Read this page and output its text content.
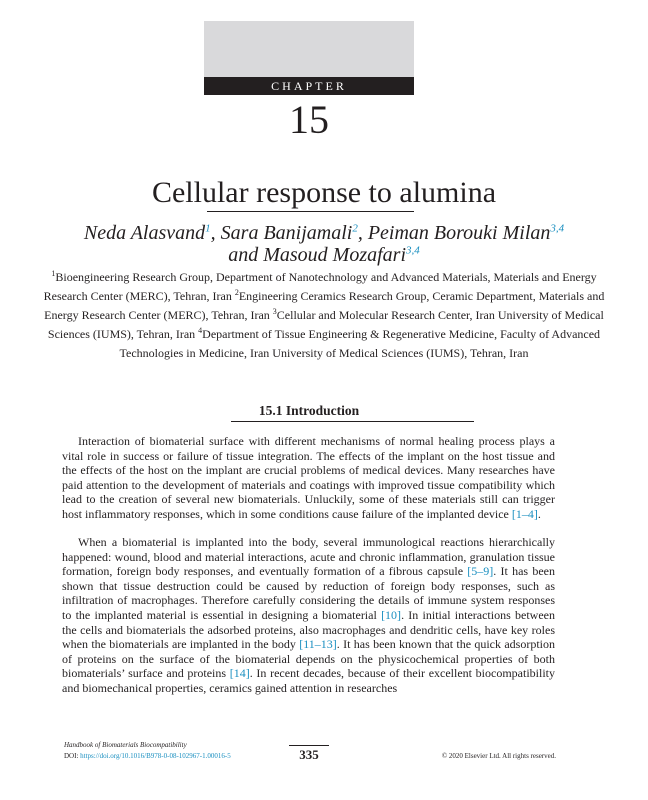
CHAPTER
15
Cellular response to alumina
Neda Alasvand$^1$, Sara Banijamali$^2$, Peiman Borouki Milan$^{3,4}$
and Masoud Mozafari$^{3,4}$
$^1$Bioengineering Research Group, Department of Nanotechnology and Advanced Materials, Materials and Energy Research Center (MERC), Tehran, Iran $^2$Engineering Ceramics Research Group, Ceramic Department, Materials and Energy Research Center (MERC), Tehran, Iran $^3$Cellular and Molecular Research Center, Iran University of Medical Sciences (IUMS), Tehran, Iran $^4$Department of Tissue Engineering & Regenerative Medicine, Faculty of Advanced Technologies in Medicine, Iran University of Medical Sciences (IUMS), Tehran, Iran
15.1 Introduction

Interaction of biomaterial surface with different mechanisms of normal healing process plays a vital role in success or failure of tissue integration. The effects of the implant on the host tissue and the effects of the host on the implant are crucial problems of medical devices. Many researches have paid attention to the development of materials and coatings with improved tissue compatibility which lead to the creation of several new biomaterials. Unluckily, some of these materials still can trigger host inflammatory responses, which in some conditions cause failure of the implanted device [1–4].

When a biomaterial is implanted into the body, several immunological reactions hierarchically happened: wound, blood and material interactions, acute and chronic inflammation, granulation tissue formation, foreign body responses, and eventually formation of a fibrous capsule [5–9]. It has been shown that tissue destruction could be caused by reduction of foreign body responses, such as infiltration of macrophages. Therefore carefully considering the details of immune system responses to the implanted material is essential in designing a biomaterial [10]. In initial interactions between the cells and biomaterials the adsorbed proteins, also macrophages and dendritic cells, have key roles when the biomaterials are implanted in the body [11–13]. It has been known that the quick adsorption of proteins on the surface of the biomaterial depends on the physicochemical properties of both biomaterials’ surface and proteins [14]. In recent decades, because of their excellent biocompatibility and biomechanical properties, ceramics gained attention in researches

Handbook of Biomaterials Biocompatibility
DOI: https://doi.org/10.1016/B978-0-08-102967-1.00016-5	335	© 2020 Elsevier Ltd. All rights reserved.
